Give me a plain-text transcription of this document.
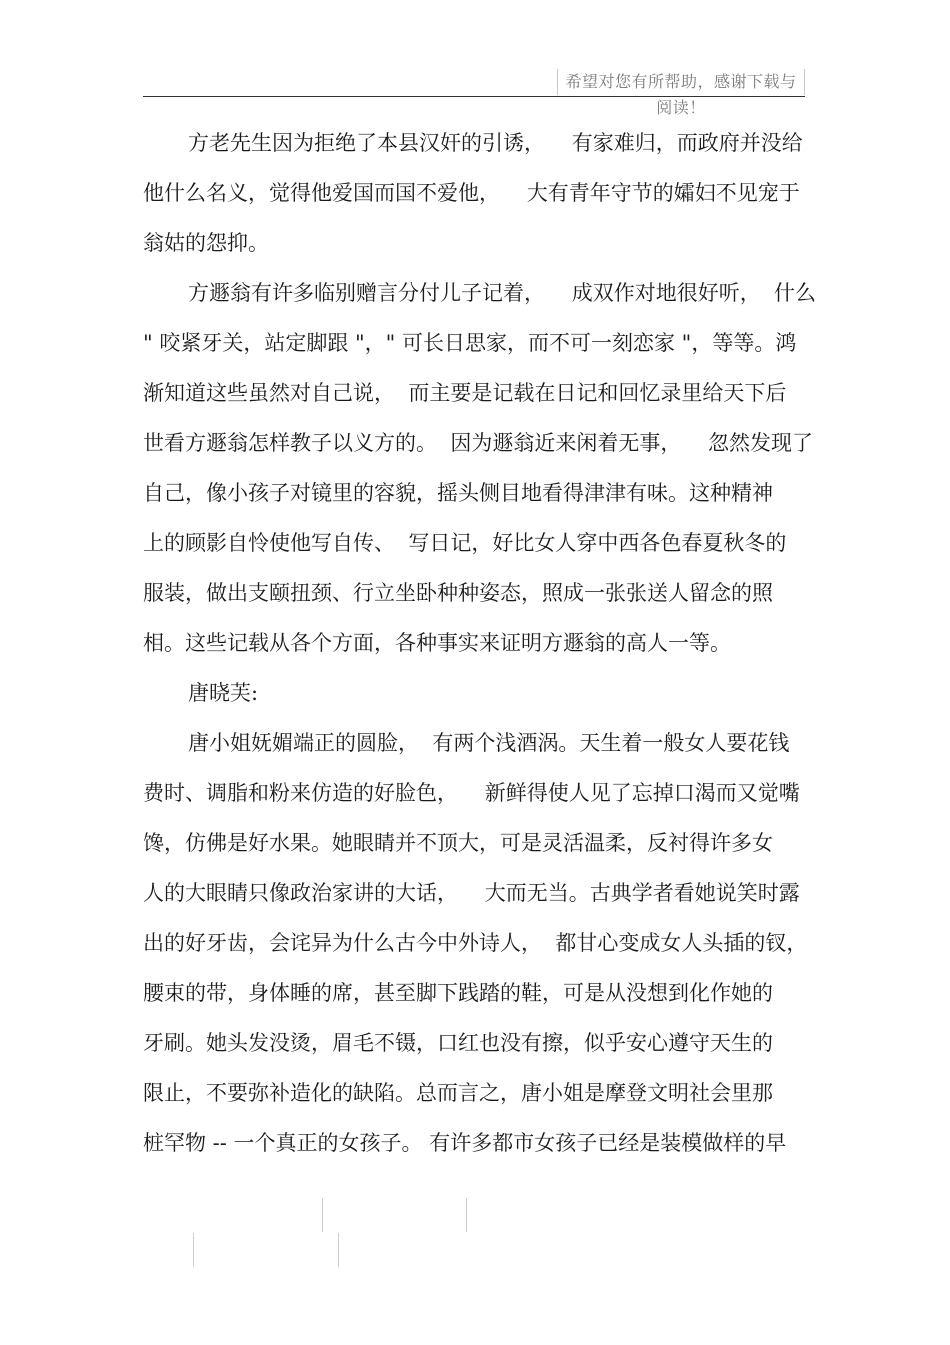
希望对您有所帮助，感谢下载与阅读！
方老先生因为拒绝了本县汉奸的引诱，    有家难归，而政府并没给
他什么名义，觉得他爱国而国不爱他，    大有青年守节的孀妇不见宠于
翁姑的怨抑。
方遯翁有许多临别赠言分付儿子记着，    成双作对地很好听，  什么
" 咬紧牙关，站定脚跟 "，" 可长日思家，而不可一刻恋家 "，等等。鸿
渐知道这些虽然对自己说，  而主要是记载在日记和回忆录里给天下后
世看方遯翁怎样教子以义方的。  因为遯翁近来闲着无事，    忽然发现了
自己，像小孩子对镜里的容貌，摇头侧目地看得津津有味。这种精神
上的顾影自怜使他写自传、  写日记，好比女人穿中西各色春夏秋冬的
服装，做出支颐扭颈、行立坐卧种种姿态，照成一张张送人留念的照
相。这些记载从各个方面，各种事实来证明方遯翁的高人一等。
唐晓芙:
唐小姐妩媚端正的圆脸，  有两个浅酒涡。天生着一般女人要花钱
费时、调脂和粉来仿造的好脸色，    新鲜得使人见了忘掉口渴而又觉嘴
馋，仿佛是好水果。她眼睛并不顶大，可是灵活温柔，反衬得许多女
人的大眼睛只像政治家讲的大话，    大而无当。古典学者看她说笑时露
出的好牙齿，会诧异为什么古今中外诗人，  都甘心变成女人头插的钗，
腰束的带，身体睡的席，甚至脚下践踏的鞋，可是从没想到化作她的
牙刷。她头发没烫，眉毛不镊，口红也没有擦，似乎安心遵守天生的
限止，不要弥补造化的缺陷。总而言之，唐小姐是摩登文明社会里那
桩罕物 -- 一个真正的女孩子。 有许多都市女孩子已经是装模做样的早
